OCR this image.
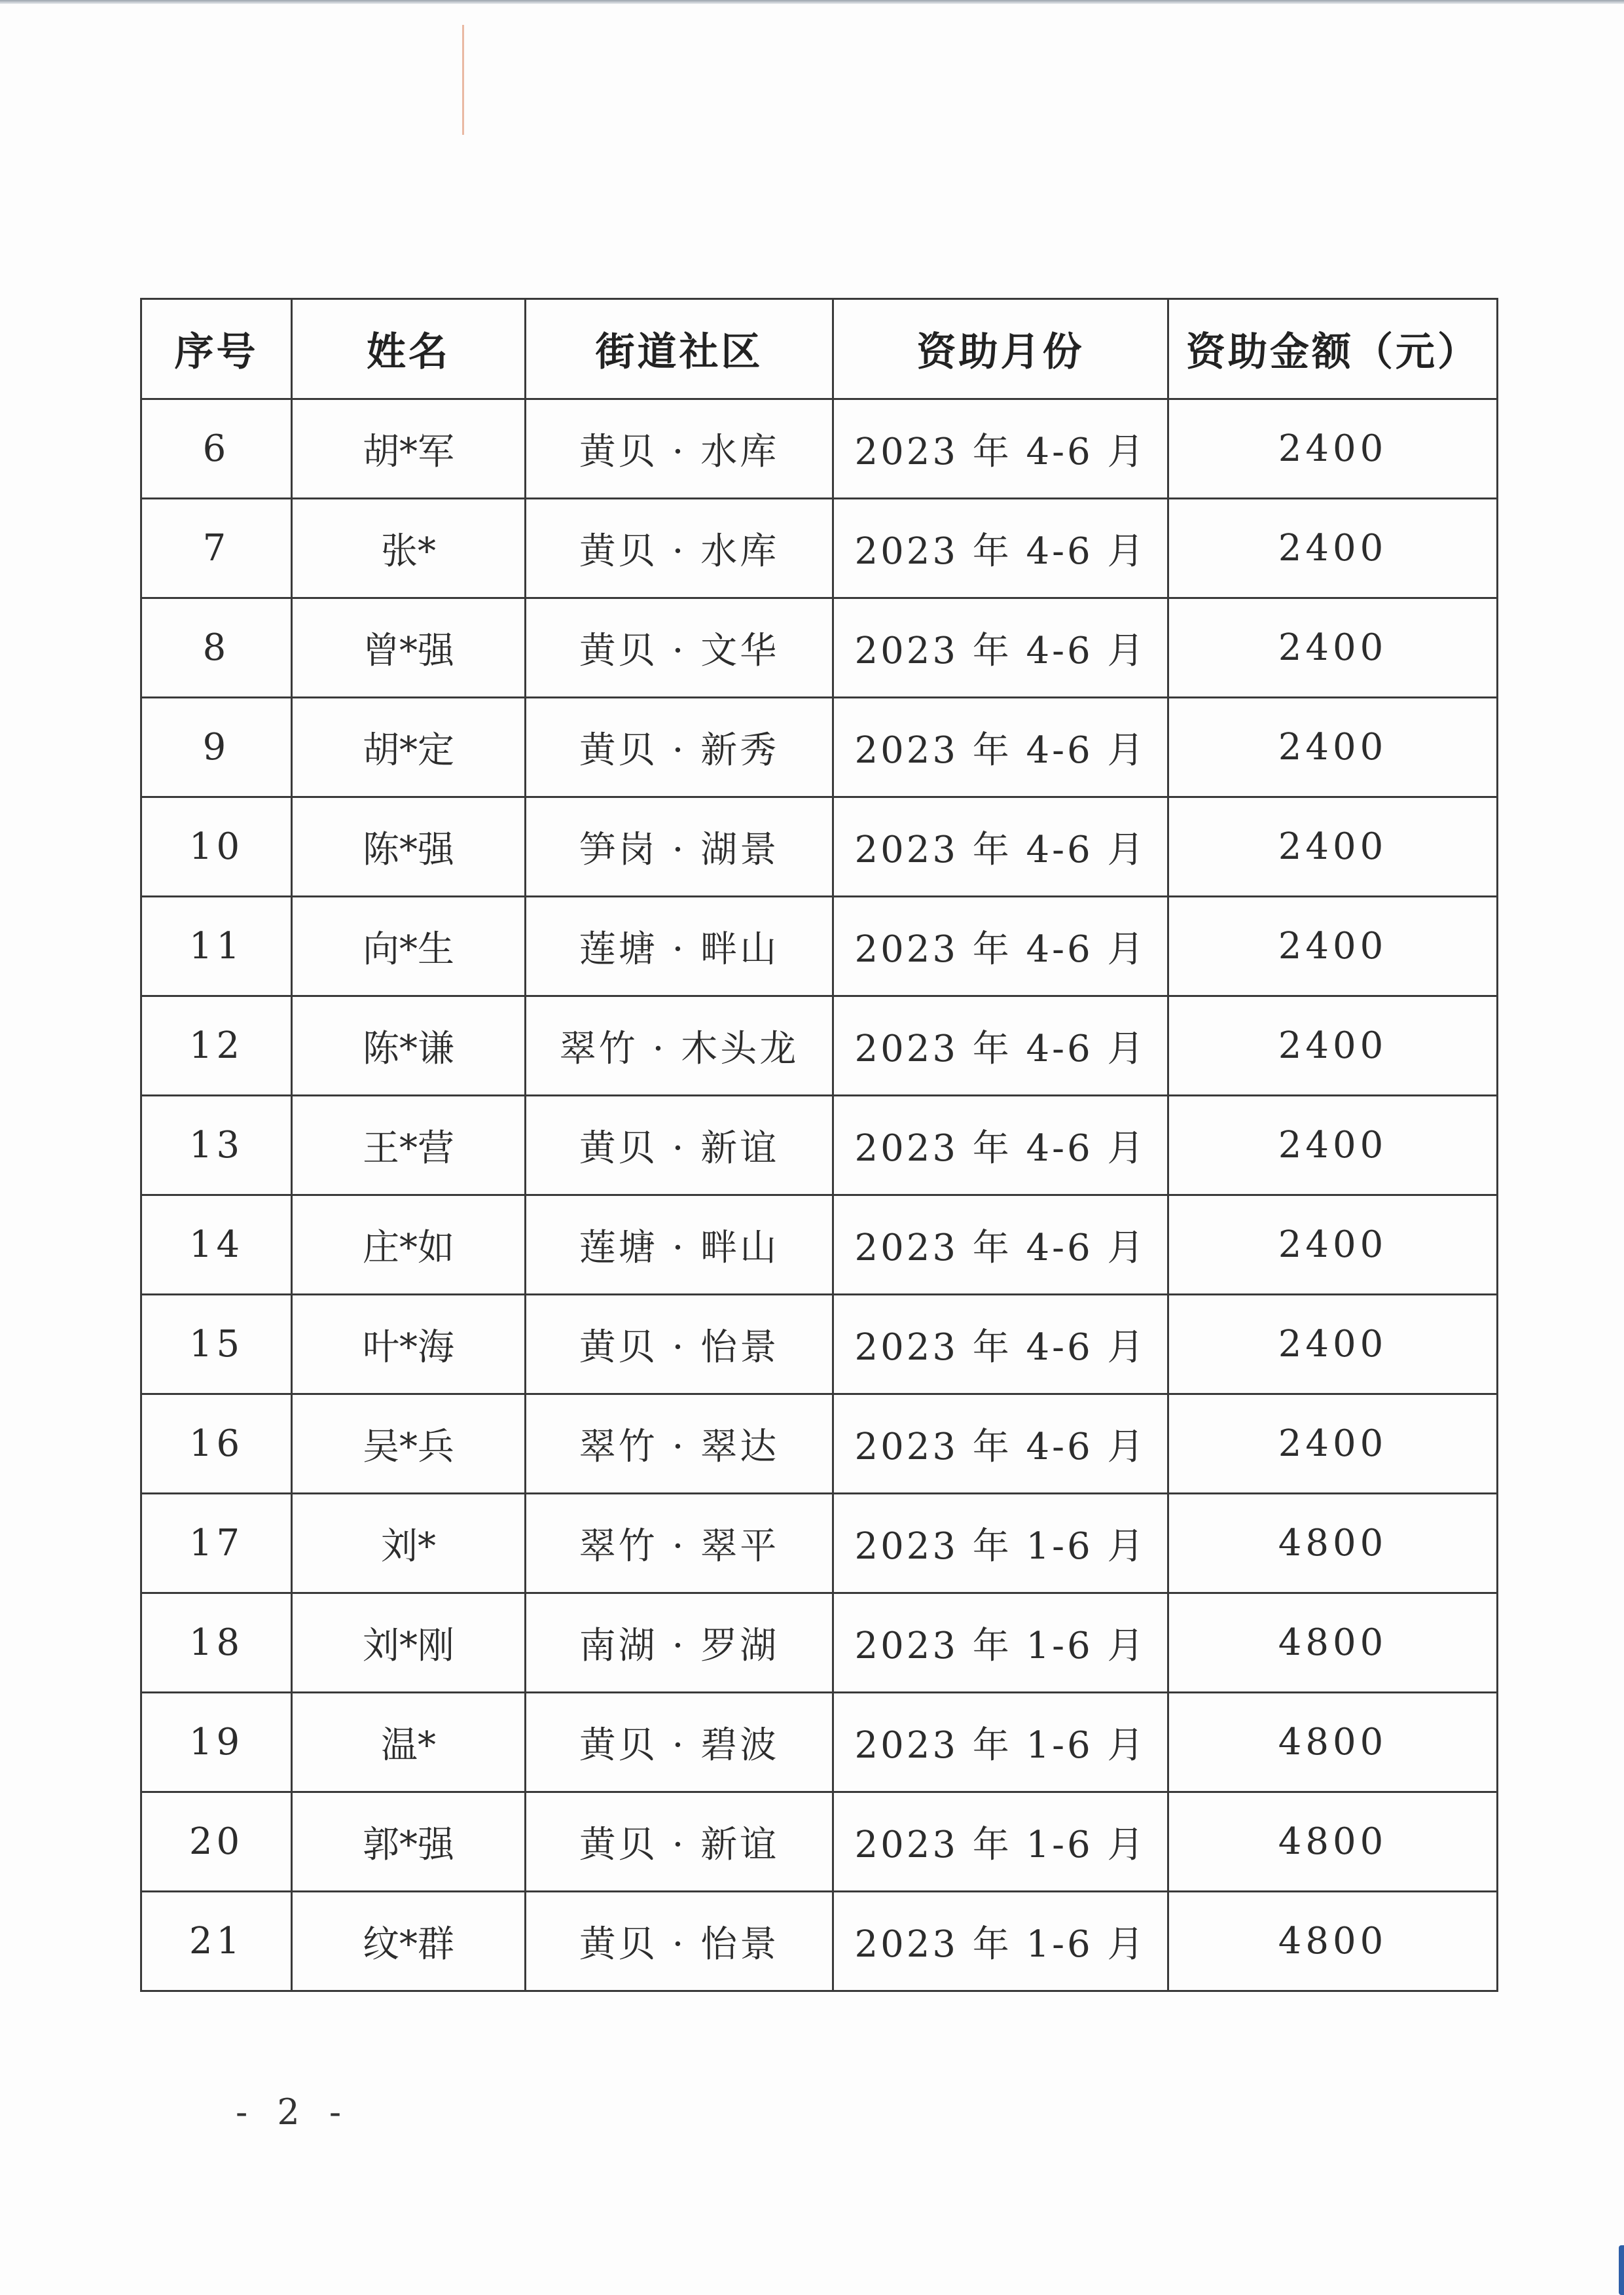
序号	姓名	街道社区	资助月份	资助金额（元）
6	胡*军	黄贝 · 水库	2023 年 4-6 月	2400
7	张*	黄贝 · 水库	2023 年 4-6 月	2400
8	曾*强	黄贝 · 文华	2023 年 4-6 月	2400
9	胡*定	黄贝 · 新秀	2023 年 4-6 月	2400
10	陈*强	笋岗 · 湖景	2023 年 4-6 月	2400
11	向*生	莲塘 · 畔山	2023 年 4-6 月	2400
12	陈*谦	翠竹 · 木头龙	2023 年 4-6 月	2400
13	王*营	黄贝 · 新谊	2023 年 4-6 月	2400
14	庄*如	莲塘 · 畔山	2023 年 4-6 月	2400
15	叶*海	黄贝 · 怡景	2023 年 4-6 月	2400
16	吴*兵	翠竹 · 翠达	2023 年 4-6 月	2400
17	刘*	翠竹 · 翠平	2023 年 1-6 月	4800
18	刘*刚	南湖 · 罗湖	2023 年 1-6 月	4800
19	温*	黄贝 · 碧波	2023 年 1-6 月	4800
20	郭*强	黄贝 · 新谊	2023 年 1-6 月	4800
21	纹*群	黄贝 · 怡景	2023 年 1-6 月	4800
- 2 -
